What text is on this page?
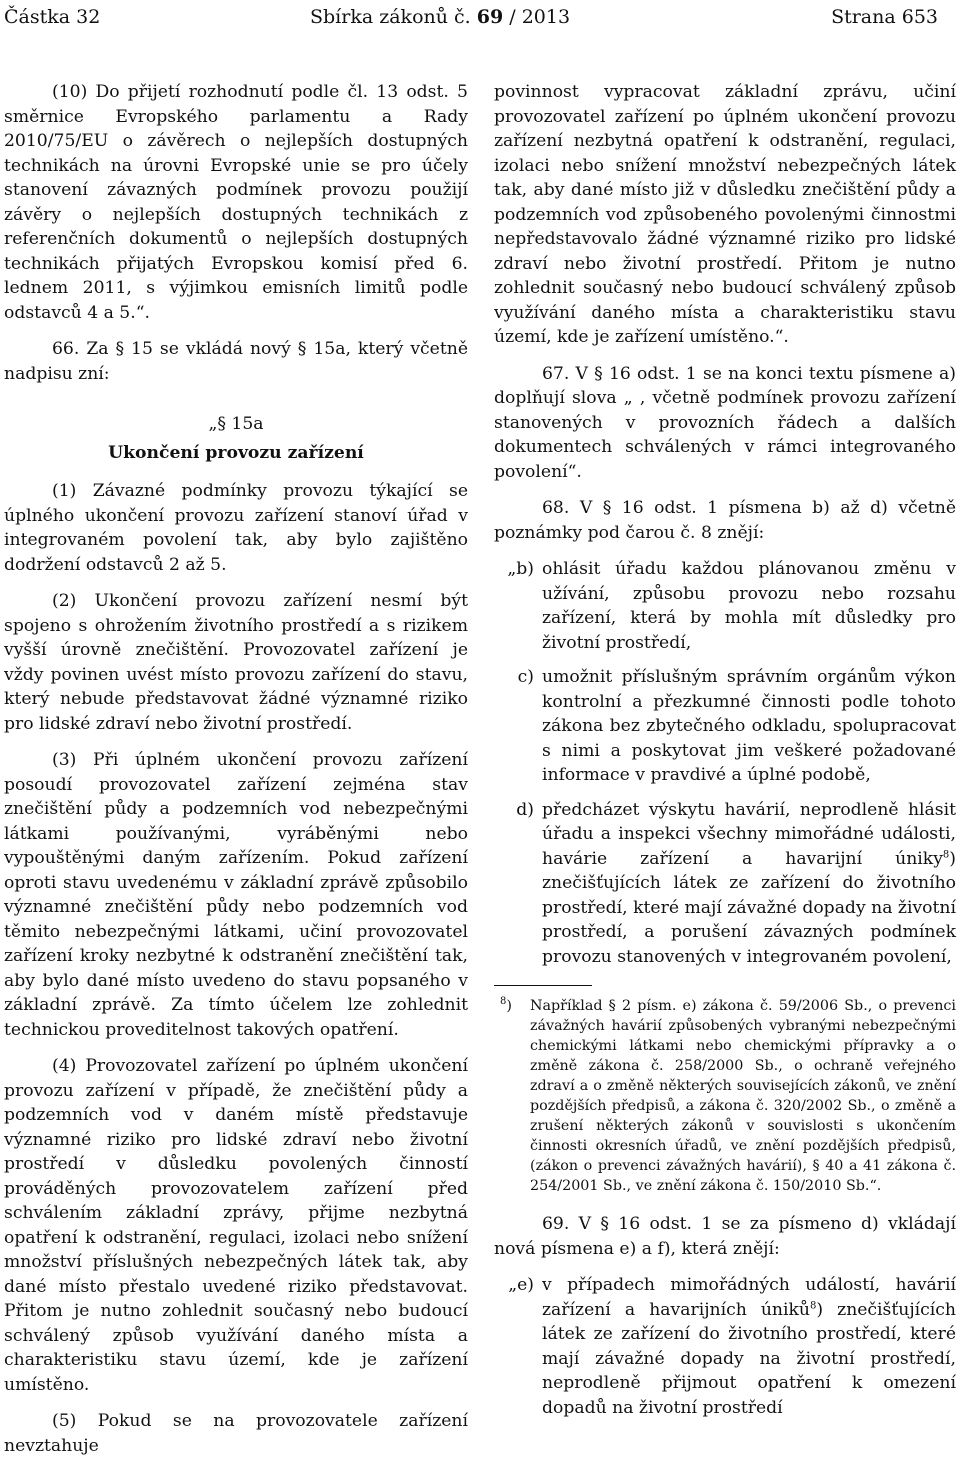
Částka 32	Sbírka zákonů č. 69 / 2013	Strana 653

(10) Do přijetí rozhodnutí podle čl. 13 odst. 5 směrnice Evropského parlamentu a Rady 2010/75/EU o závěrech o nejlepších dostupných technikách na úrovni Evropské unie se pro účely stanovení závazných podmínek provozu použijí závěry o nejlepších dostupných technikách z referenčních dokumentů o nejlepších dostupných technikách přijatých Evropskou komisí před 6. lednem 2011, s výjimkou emisních limitů podle odstavců 4 a 5.“.

66. Za § 15 se vkládá nový § 15a, který včetně nadpisu zní:

„§ 15a
Ukončení provozu zařízení

(1) Závazné podmínky provozu týkající se úplného ukončení provozu zařízení stanoví úřad v integrovaném povolení tak, aby bylo zajištěno dodržení odstavců 2 až 5.

(2) Ukončení provozu zařízení nesmí být spojeno s ohrožením životního prostředí a s rizikem vyšší úrovně znečištění. Provozovatel zařízení je vždy povinen uvést místo provozu zařízení do stavu, který nebude představovat žádné významné riziko pro lidské zdraví nebo životní prostředí.

(3) Při úplném ukončení provozu zařízení posoudí provozovatel zařízení zejména stav znečištění půdy a podzemních vod nebezpečnými látkami používanými, vyráběnými nebo vypouštěnými daným zařízením. Pokud zařízení oproti stavu uvedenému v základní zprávě způsobilo významné znečištění půdy nebo podzemních vod těmito nebezpečnými látkami, učiní provozovatel zařízení kroky nezbytné k odstranění znečištění tak, aby bylo dané místo uvedeno do stavu popsaného v základní zprávě. Za tímto účelem lze zohlednit technickou proveditelnost takových opatření.

(4) Provozovatel zařízení po úplném ukončení provozu zařízení v případě, že znečištění půdy a podzemních vod v daném místě představuje významné riziko pro lidské zdraví nebo životní prostředí v důsledku povolených činností prováděných provozovatelem zařízení před schválením základní zprávy, přijme nezbytná opatření k odstranění, regulaci, izolaci nebo snížení množství příslušných nebezpečných látek tak, aby dané místo přestalo uvedené riziko představovat. Přitom je nutno zohlednit současný nebo budoucí schválený způsob využívání daného místa a charakteristiku stavu území, kde je zařízení umístěno.

(5) Pokud se na provozovatele zařízení nevztahuje

povinnost vypracovat základní zprávu, učiní provozovatel zařízení po úplném ukončení provozu zařízení nezbytná opatření k odstranění, regulaci, izolaci nebo snížení množství nebezpečných látek tak, aby dané místo již v důsledku znečištění půdy a podzemních vod způsobeného povolenými činnostmi nepředstavovalo žádné významné riziko pro lidské zdraví nebo životní prostředí. Přitom je nutno zohlednit současný nebo budoucí schválený způsob využívání daného místa a charakteristiku stavu území, kde je zařízení umístěno.“.

67. V § 16 odst. 1 se na konci textu písmene a) doplňují slova „ , včetně podmínek provozu zařízení stanovených v provozních řádech a dalších dokumentech schválených v rámci integrovaného povolení“.

68. V § 16 odst. 1 písmena b) až d) včetně poznámky pod čarou č. 8 znějí:

„b) ohlásit úřadu každou plánovanou změnu v užívání, způsobu provozu nebo rozsahu zařízení, která by mohla mít důsledky pro životní prostředí,
c) umožnit příslušným správním orgánům výkon kontrolní a přezkumné činnosti podle tohoto zákona bez zbytečného odkladu, spolupracovat s nimi a poskytovat jim veškeré požadované informace v pravdivé a úplné podobě,
d) předcházet výskytu havárií, neprodleně hlásit úřadu a inspekci všechny mimořádné události, havárie zařízení a havarijní úniky$^8$) znečišťujících látek ze zařízení do životního prostředí, které mají závažné dopady na životní prostředí, a porušení závazných podmínek provozu stanovených v integrovaném povolení,
$^8$)	Například § 2 písm. e) zákona č. 59/2006 Sb., o prevenci závažných havárií způsobených vybranými nebezpečnými chemickými látkami nebo chemickými přípravky a o změně zákona č. 258/2000 Sb., o ochraně veřejného zdraví a o změně některých souvisejících zákonů, ve znění pozdějších předpisů, a zákona č. 320/2002 Sb., o změně a zrušení některých zákonů v souvislosti s ukončením činnosti okresních úřadů, ve znění pozdějších předpisů, (zákon o prevenci závažných havárií), § 40 a 41 zákona č. 254/2001 Sb., ve znění zákona č. 150/2010 Sb.“.

69. V § 16 odst. 1 se za písmeno d) vkládají nová písmena e) a f), která znějí:

„e) v případech mimořádných událostí, havárií zařízení a havarijních úniků$^8$) znečišťujících látek ze zařízení do životního prostředí, které mají závažné dopady na životní prostředí, neprodleně přijmout opatření k omezení dopadů na životní prostředí
